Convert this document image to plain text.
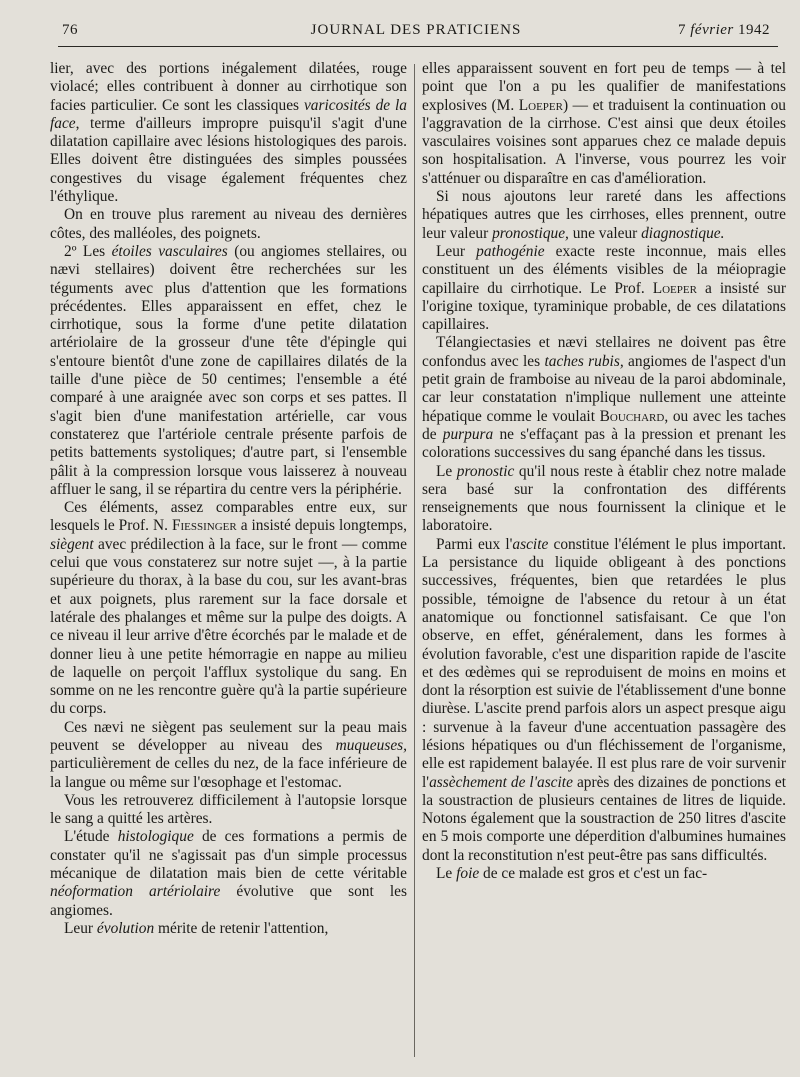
76	JOURNAL DES PRATICIENS	7 février 1942

lier, avec des portions inégalement dilatées, rouge violacé; elles contribuent à donner au cirrhotique son facies particulier. Ce sont les classiques varicosités de la face, terme d'ailleurs impropre puisqu'il s'agit d'une dilatation capillaire avec lésions histologiques des parois. Elles doivent être distinguées des simples poussées congestives du visage également fréquentes chez l'éthylique.

On en trouve plus rarement au niveau des dernières côtes, des malléoles, des poignets.

2º Les étoiles vasculaires (ou angiomes stellaires, ou nævi stellaires) doivent être recherchées sur les téguments avec plus d'attention que les formations précédentes. Elles apparaissent en effet, chez le cirrhotique, sous la forme d'une petite dilatation artériolaire de la grosseur d'une tête d'épingle qui s'entoure bientôt d'une zone de capillaires dilatés de la taille d'une pièce de 50 centimes; l'ensemble a été comparé à une araignée avec son corps et ses pattes. Il s'agit bien d'une manifestation artérielle, car vous constaterez que l'artériole centrale présente parfois de petits battements systoliques; d'autre part, si l'ensemble pâlit à la compression lorsque vous laisserez à nouveau affluer le sang, il se répartira du centre vers la périphérie.

Ces éléments, assez comparables entre eux, sur lesquels le Prof. N. Fiessinger a insisté depuis longtemps, siègent avec prédilection à la face, sur le front — comme celui que vous constaterez sur notre sujet —, à la partie supérieure du thorax, à la base du cou, sur les avant-bras et aux poignets, plus rarement sur la face dorsale et latérale des phalanges et même sur la pulpe des doigts. A ce niveau il leur arrive d'être écorchés par le malade et de donner lieu à une petite hémorragie en nappe au milieu de laquelle on perçoit l'afflux systolique du sang. En somme on ne les rencontre guère qu'à la partie supérieure du corps.

Ces nævi ne siègent pas seulement sur la peau mais peuvent se développer au niveau des muqueuses, particulièrement de celles du nez, de la face inférieure de la langue ou même sur l'œsophage et l'estomac.

Vous les retrouverez difficilement à l'autopsie lorsque le sang a quitté les artères.

L'étude histologique de ces formations a permis de constater qu'il ne s'agissait pas d'un simple processus mécanique de dilatation mais bien de cette véritable néoformation artériolaire évolutive que sont les angiomes.

Leur évolution mérite de retenir l'attention,

elles apparaissent souvent en fort peu de temps — à tel point que l'on a pu les qualifier de manifestations explosives (M. Loeper) — et traduisent la continuation ou l'aggravation de la cirrhose. C'est ainsi que deux étoiles vasculaires voisines sont apparues chez ce malade depuis son hospitalisation. A l'inverse, vous pourrez les voir s'atténuer ou disparaître en cas d'amélioration.

Si nous ajoutons leur rareté dans les affections hépatiques autres que les cirrhoses, elles prennent, outre leur valeur pronostique, une valeur diagnostique.

Leur pathogénie exacte reste inconnue, mais elles constituent un des éléments visibles de la méiopragie capillaire du cirrhotique. Le Prof. Loeper a insisté sur l'origine toxique, tyraminique probable, de ces dilatations capillaires.

Télangiectasies et nævi stellaires ne doivent pas être confondus avec les taches rubis, angiomes de l'aspect d'un petit grain de framboise au niveau de la paroi abdominale, car leur constatation n'implique nullement une atteinte hépatique comme le voulait Bouchard, ou avec les taches de purpura ne s'effaçant pas à la pression et prenant les colorations successives du sang épanché dans les tissus.

Le pronostic qu'il nous reste à établir chez notre malade sera basé sur la confrontation des différents renseignements que nous fournissent la clinique et le laboratoire.

Parmi eux l'ascite constitue l'élément le plus important. La persistance du liquide obligeant à des ponctions successives, fréquentes, bien que retardées le plus possible, témoigne de l'absence du retour à un état anatomique ou fonctionnel satisfaisant. Ce que l'on observe, en effet, généralement, dans les formes à évolution favorable, c'est une disparition rapide de l'ascite et des œdèmes qui se reproduisent de moins en moins et dont la résorption est suivie de l'établissement d'une bonne diurèse. L'ascite prend parfois alors un aspect presque aigu : survenue à la faveur d'une accentuation passagère des lésions hépatiques ou d'un fléchissement de l'organisme, elle est rapidement balayée. Il est plus rare de voir survenir l'assèchement de l'ascite après des dizaines de ponctions et la soustraction de plusieurs centaines de litres de liquide. Notons également que la soustraction de 250 litres d'ascite en 5 mois comporte une déperdition d'albumines humaines dont la reconstitution n'est peut-être pas sans difficultés.

Le foie de ce malade est gros et c'est un fac-
